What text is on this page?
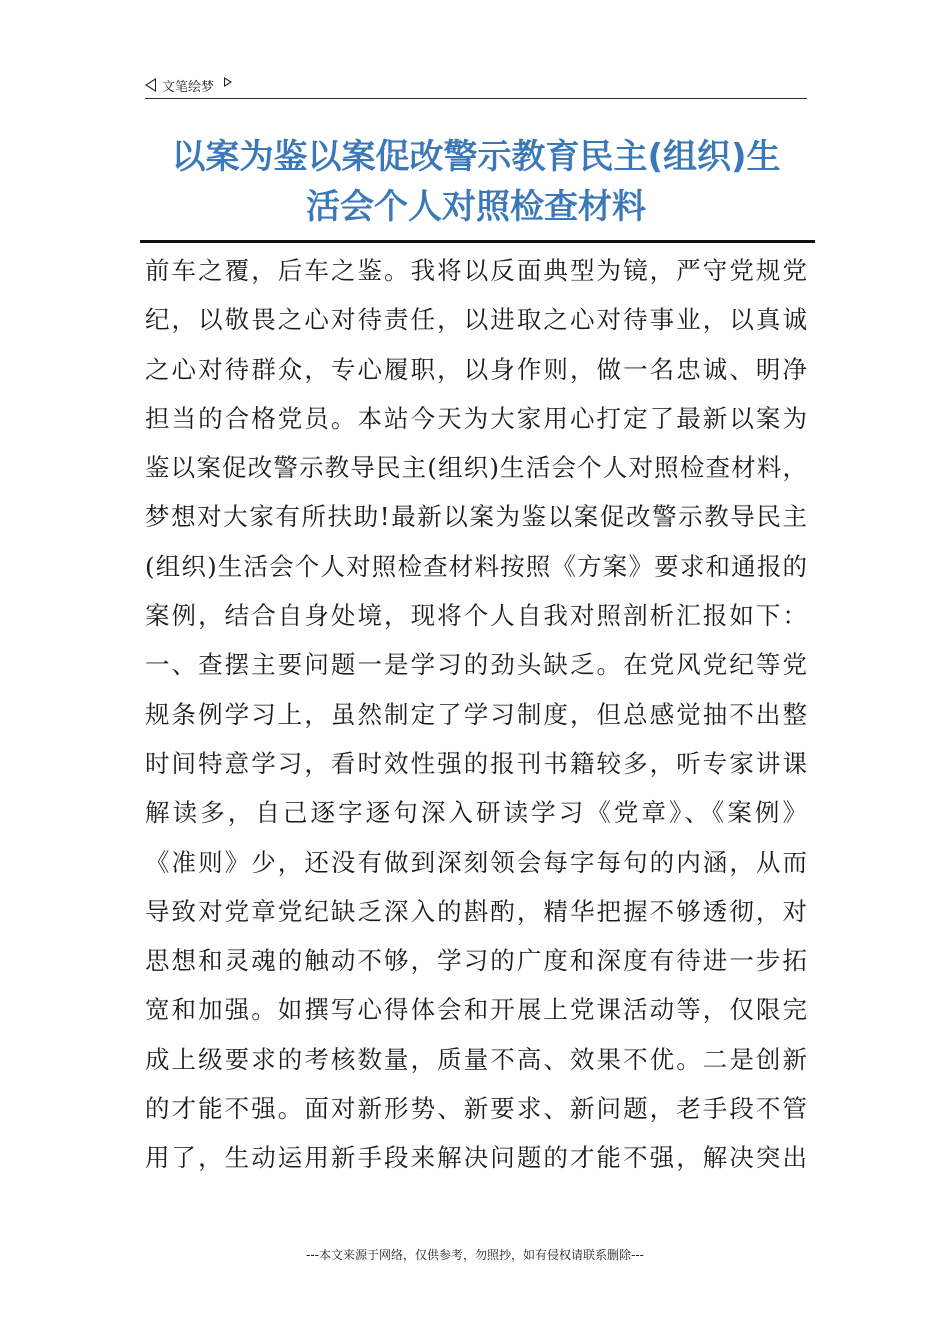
文笔绘梦
以案为鉴以案促改警示教育民主(组织)生
活会个人对照检查材料
前车之覆，后车之鉴。我将以反面典型为镜，严守党规党
纪，以敬畏之心对待责任，以进取之心对待事业，以真诚
之心对待群众，专心履职，以身作则，做一名忠诚、明净
担当的合格党员。本站今天为大家用心打定了最新以案为
鉴以案促改警示教导民主(组织)生活会个人对照检查材料，
梦想对大家有所扶助!最新以案为鉴以案促改警示教导民主
(组织)生活会个人对照检查材料按照《方案》要求和通报的
案例，结合自身处境，现将个人自我对照剖析汇报如下：
一、查摆主要问题一是学习的劲头缺乏。在党风党纪等党
规条例学习上，虽然制定了学习制度，但总感觉抽不出整
时间特意学习，看时效性强的报刊书籍较多，听专家讲课
解读多，自己逐字逐句深入研读学习《党章》、《案例》
《准则》少，还没有做到深刻领会每字每句的内涵，从而
导致对党章党纪缺乏深入的斟酌，精华把握不够透彻，对
思想和灵魂的触动不够，学习的广度和深度有待进一步拓
宽和加强。如撰写心得体会和开展上党课活动等，仅限完
成上级要求的考核数量，质量不高、效果不优。二是创新
的才能不强。面对新形势、新要求、新问题，老手段不管
用了，生动运用新手段来解决问题的才能不强，解决突出
---本文来源于网络，仅供参考，勿照抄，如有侵权请联系删除---
